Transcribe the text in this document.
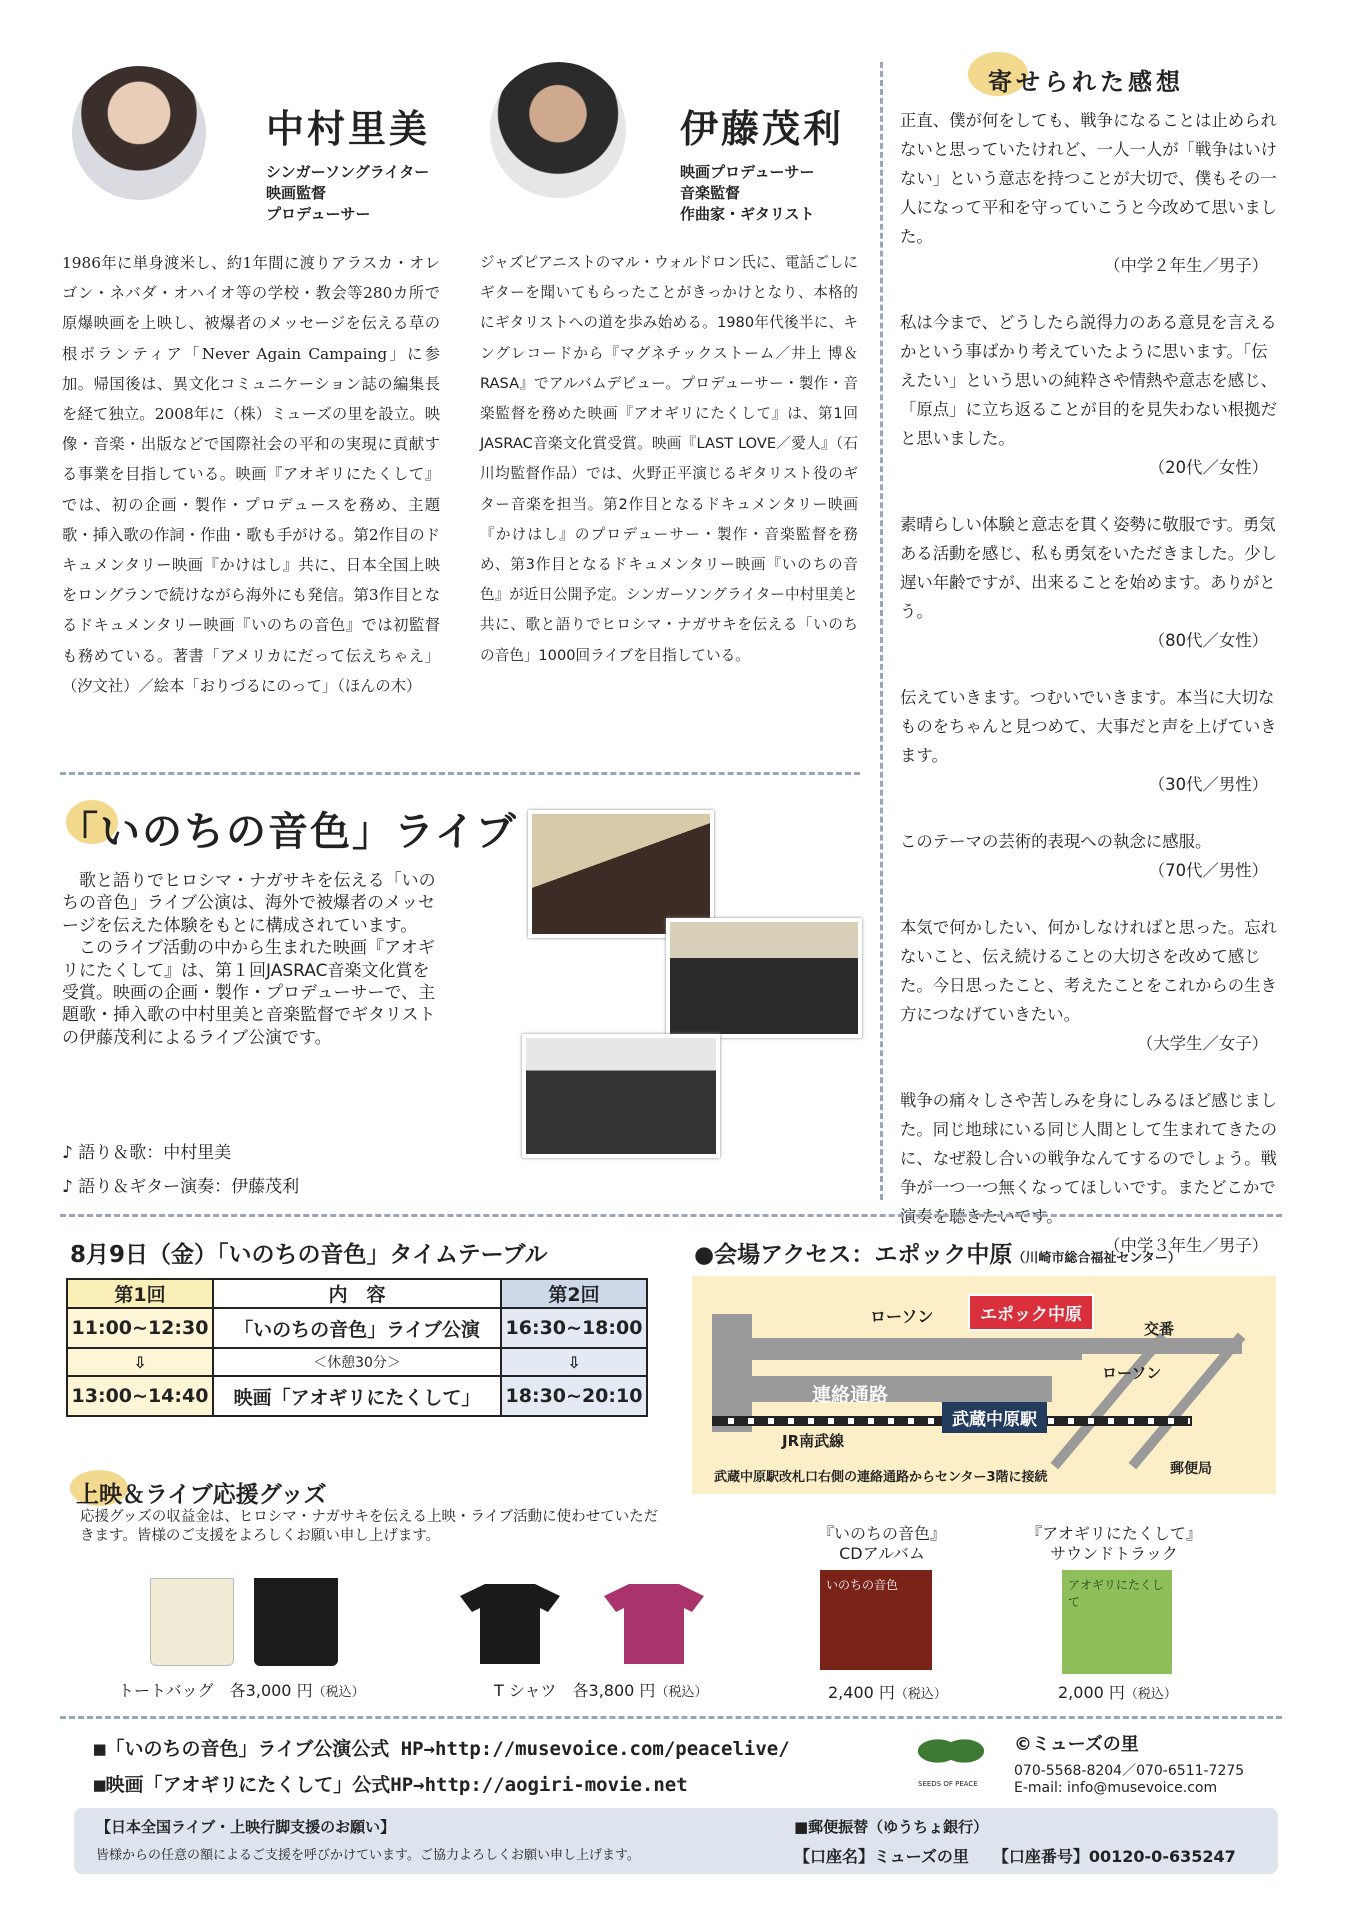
中村里美
シンガーソングライター
映画監督
プロデューサー
1986年に単身渡米し、約1年間に渡りアラスカ・オレゴン・ネバダ・オハイオ等の学校・教会等280カ所で原爆映画を上映し、被爆者のメッセージを伝える草の根ボランティア「Never Again Campaing」に参加。帰国後は、異文化コミュニケーション誌の編集長を経て独立。2008年に（株）ミューズの里を設立。映像・音楽・出版などで国際社会の平和の実現に貢献する事業を目指している。映画『アオギリにたくして』では、初の企画・製作・プロデュースを務め、主題歌・挿入歌の作詞・作曲・歌も手がける。第2作目のドキュメンタリー映画『かけはし』共に、日本全国上映をロングランで続けながら海外にも発信。第3作目となるドキュメンタリー映画『いのちの音色』では初監督も務めている。著書「アメリカにだって伝えちゃえ」（汐文社）／絵本「おりづるにのって」（ほんの木）
伊藤茂利
映画プロデューサー
音楽監督
作曲家・ギタリスト
ジャズピアニストのマル・ウォルドロン氏に、電話ごしにギターを聞いてもらったことがきっかけとなり、本格的にギタリストへの道を歩み始める。1980年代後半に、キングレコードから『マグネチックストーム／井上 博＆RASA』でアルバムデビュー。プロデューサー・製作・音楽監督を務めた映画『アオギリにたくして』は、第1回JASRAC音楽文化賞受賞。映画『LAST LOVE／愛人』（石川均監督作品）では、火野正平演じるギタリスト役のギター音楽を担当。第2作目となるドキュメンタリー映画『かけはし』のプロデューサー・製作・音楽監督を務め、第3作目となるドキュメンタリー映画『いのちの音色』が近日公開予定。シンガーソングライター中村里美と共に、歌と語りでヒロシマ・ナガサキを伝える「いのちの音色」1000回ライブを目指している。
寄せられた感想
正直、僕が何をしても、戦争になることは止められないと思っていたけれど、一人一人が「戦争はいけない」という意志を持つことが大切で、僕もその一人になって平和を守っていこうと今改めて思いました。
（中学２年生／男子）
私は今まで、どうしたら説得力のある意見を言えるかという事ばかり考えていたように思います。「伝えたい」という思いの純粋さや情熱や意志を感じ、「原点」に立ち返ることが目的を見失わない根拠だと思いました。
（20代／女性）
素晴らしい体験と意志を貫く姿勢に敬服です。勇気ある活動を感じ、私も勇気をいただきました。少し遅い年齢ですが、出来ることを始めます。ありがとう。
（80代／女性）
伝えていきます。つむいでいきます。本当に大切なものをちゃんと見つめて、大事だと声を上げていきます。
（30代／男性）
このテーマの芸術的表現への執念に感服。
（70代／男性）
本気で何かしたい、何かしなければと思った。忘れないこと、伝え続けることの大切さを改めて感じた。今日思ったこと、考えたことをこれからの生き方につなげていきたい。
（大学生／女子）
戦争の痛々しさや苦しみを身にしみるほど感じました。同じ地球にいる同じ人間として生まれてきたのに、なぜ殺し合いの戦争なんてするのでしょう。戦争が一つ一つ無くなってほしいです。またどこかで演奏を聴きたいです。
（中学３年生／男子）
「いのちの音色」ライブ
歌と語りでヒロシマ・ナガサキを伝える「いのちの音色」ライブ公演は、海外で被爆者のメッセージを伝えた体験をもとに構成されています。
このライブ活動の中から生まれた映画『アオギリにたくして』は、第１回JASRAC音楽文化賞を受賞。映画の企画・製作・プロデューサーで、主題歌・挿入歌の中村里美と音楽監督でギタリストの伊藤茂利によるライブ公演です。
♪ 語り＆歌：中村里美
♪ 語り＆ギター演奏：伊藤茂利
8月9日（金）「いのちの音色」タイムテーブル
第1回	内　容	第2回
11:00~12:30	「いのちの音色」ライブ公演	16:30~18:00
⇩	＜休憩30分＞	⇩
13:00~14:40	映画「アオギリにたくして」	18:30~20:10
●会場アクセス：エポック中原（川崎市総合福祉センター）
ローソン	エポック中原
交番
ローソン
連絡通路
武蔵中原駅
JR南武線
郵便局
武蔵中原駅改札口右側の連絡通路からセンター3階に接続
上映＆ライブ応援グッズ
応援グッズの収益金は、ヒロシマ・ナガサキを伝える上映・ライブ活動に使わせていただきます。皆様のご支援をよろしくお願い申し上げます。
トートバッグ　各3,000 円（税込）	T シャツ　各3,800 円（税込）
『いのちの音色』CDアルバム
いのちの音色
2,400 円（税込）
『アオギリにたくして』サウンドトラック
アオギリにたくして
2,000 円（税込）
■「いのちの音色」ライブ公演公式 HP→http://musevoice.com/peacelive/
■映画「アオギリにたくして」公式HP→http://aogiri-movie.net	SEEDS OF PEACE
©ミューズの里
070-5568-8204／070-6511-7275
E-mail: info@musevoice.com
【日本全国ライブ・上映行脚支援のお願い】
皆様からの任意の額によるご支援を呼びかけています。ご協力よろしくお願い申し上げます。
■郵便振替（ゆうちょ銀行）
【口座名】ミューズの里　　【口座番号】00120-0-635247
